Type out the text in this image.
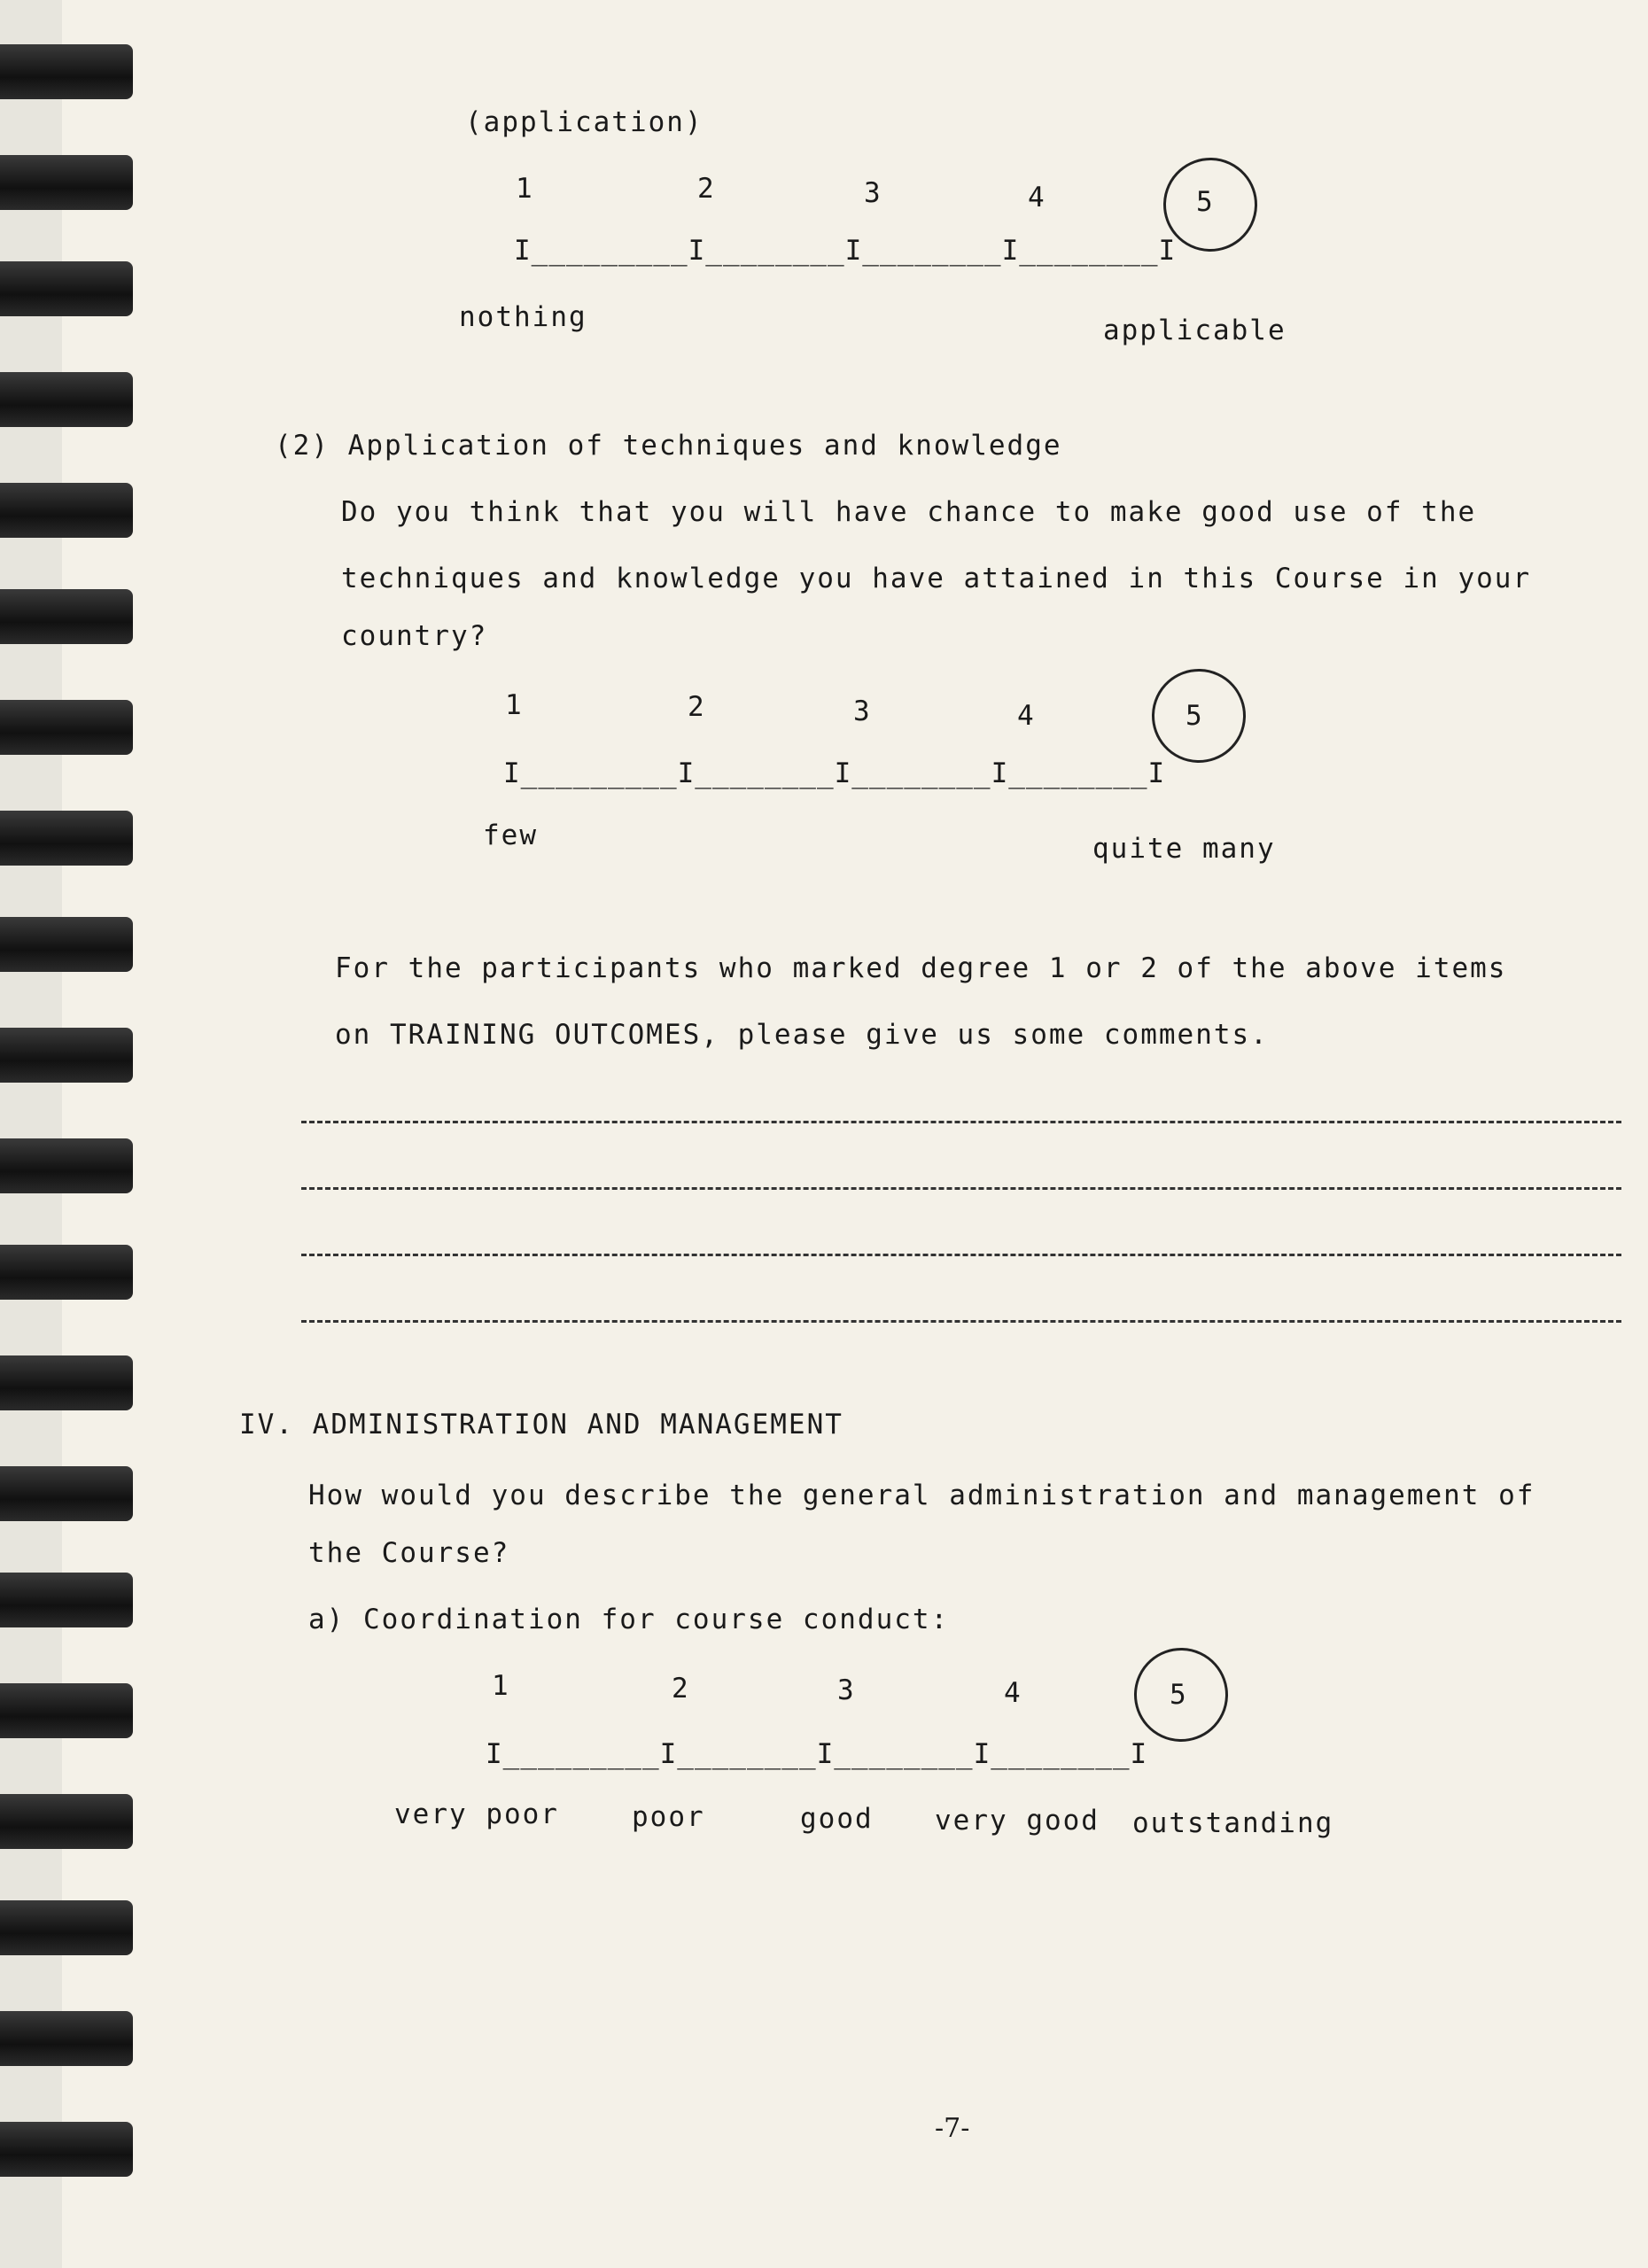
(application)
1	2	3	4	5
I_________I________I________I________I
nothing	applicable
(2) Application of techniques and knowledge
Do you think that you will have chance to make good use of the
techniques and knowledge you have attained in this Course in your
country?
1	2	3	4	5
I_________I________I________I________I
few	quite many
For the participants who marked degree 1 or 2 of the above items
on TRAINING OUTCOMES, please give us some comments.
IV. ADMINISTRATION AND MANAGEMENT
How would you describe the general administration and management of
the Course?
a) Coordination for course conduct:
1	2	3	4	5
I_________I________I________I________I
very poor	poor	good very good outstanding
-7-
